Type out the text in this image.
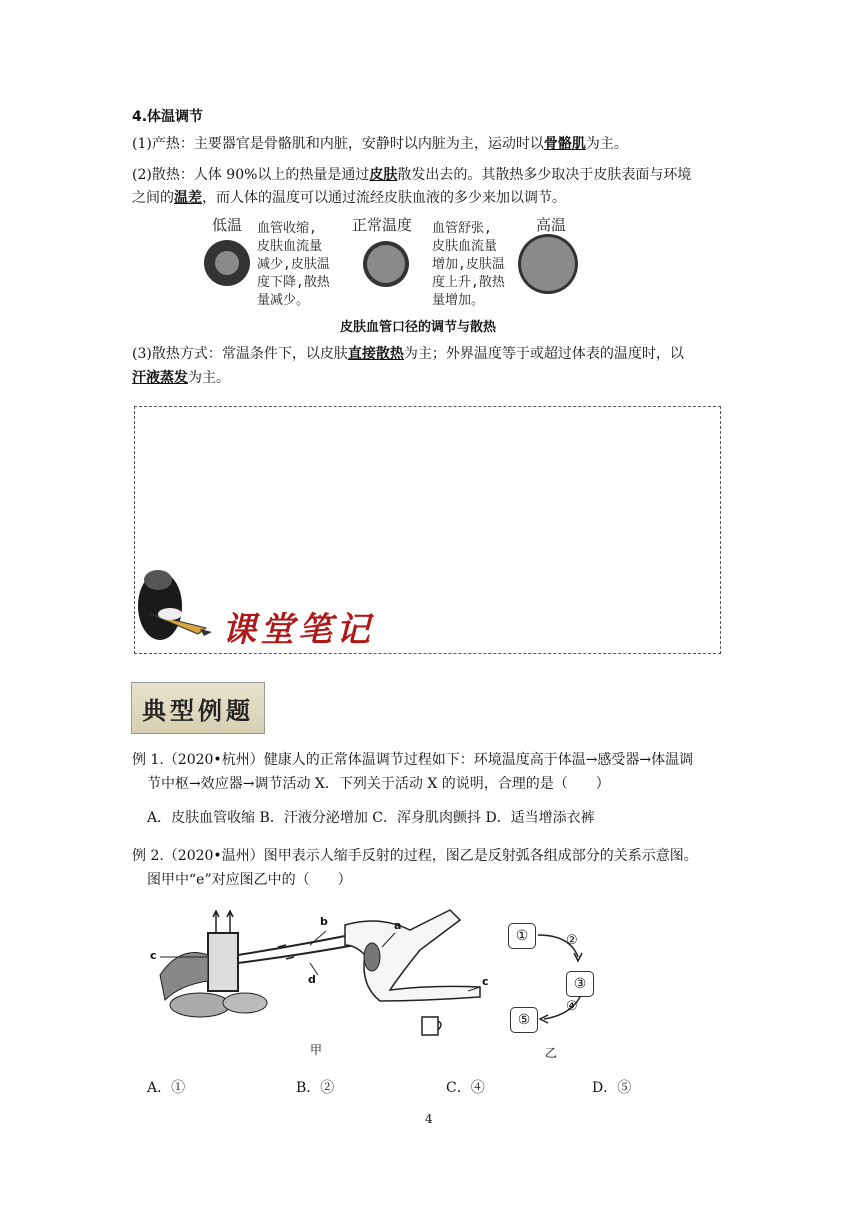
4.体温调节
(1)产热：主要器官是骨骼肌和内脏，安静时以内脏为主，运动时以骨骼肌为主。
(2)散热：人体 90%以上的热量是通过皮肤散发出去的。其散热多少取决于皮肤表面与环境
之间的温差，而人体的温度可以通过流经皮肤血液的多少来加以调节。
低温 血管收缩,
皮肤血流量
减少,皮肤温
度下降,散热
量减少。
正常温度 血管舒张,
皮肤血流量
增加,皮肤温
度上升,散热
量增加。
高温
皮肤血管口径的调节与散热
(3)散热方式：常温条件下，以皮肤直接散热为主；外界温度等于或超过体表的温度时，以
汗液蒸发为主。
课堂笔记
典型例题
例 1.（2020•杭州）健康人的正常体温调节过程如下：环境温度高于体温→感受器→体温调
节中枢→效应器→调节活动 X．下列关于活动 X 的说明，合理的是（　　）
A．皮肤血管收缩 B．汗液分泌增加 C．浑身肌肉颤抖 D．适当增添衣裤
例 2.（2020•温州）图甲表示人缩手反射的过程，图乙是反射弧各组成部分的关系示意图。
图甲中“e”对应图乙中的（　　）
c
b
d
a
c
甲
①	②
③
④
⑤
乙
A．①	B．②	C．④	D．⑤
4
